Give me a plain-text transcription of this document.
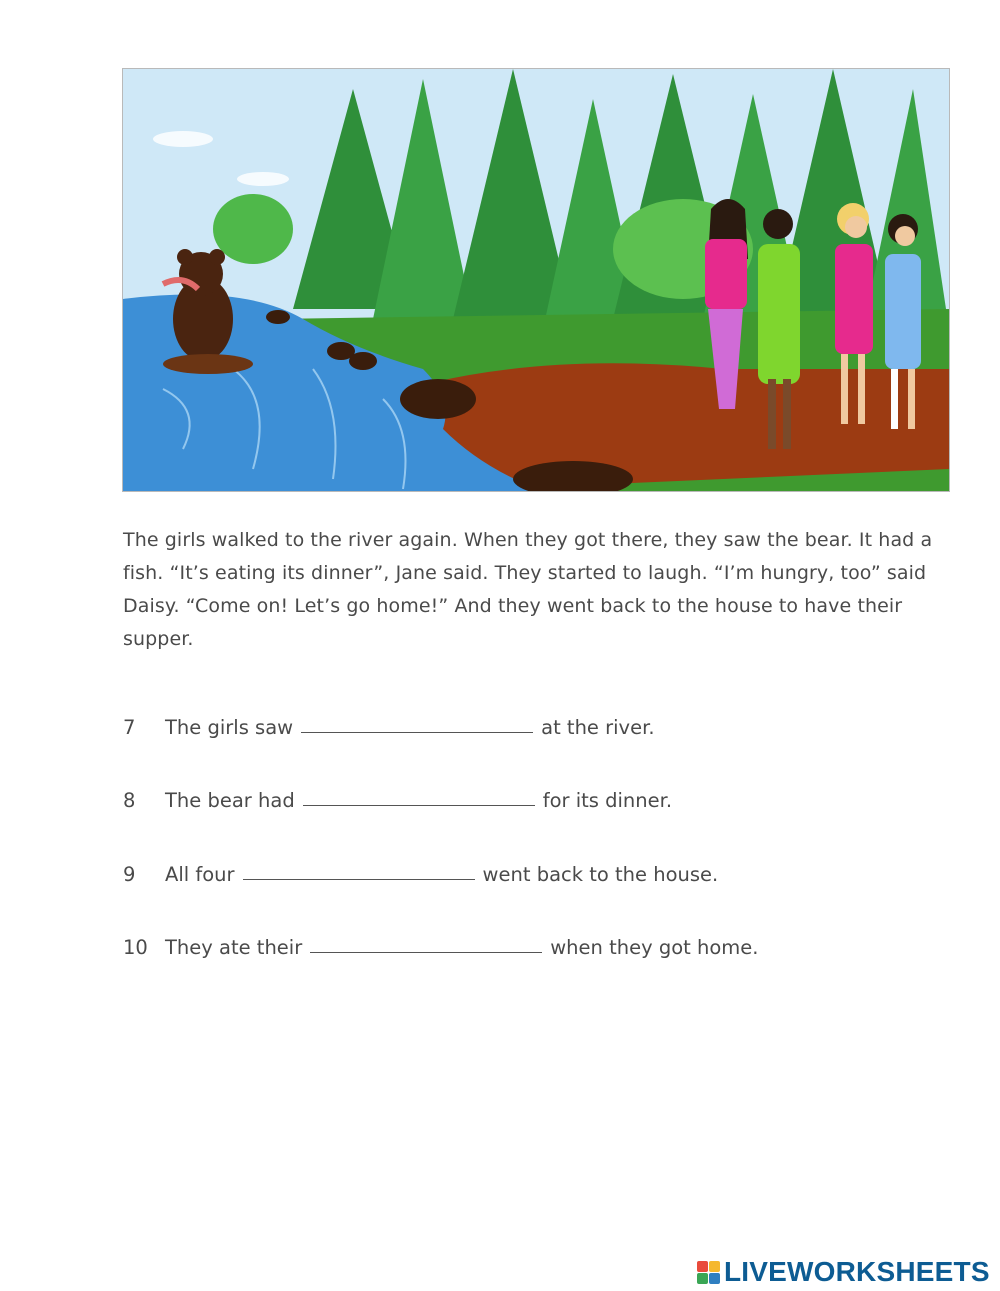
The girls walked to the river again. When they got there, they saw the bear. It had a fish. “It’s eating its dinner”, Jane said. They started to laugh. “I’m hungry, too” said Daisy. “Come on! Let’s go home!” And they went back to the house to have their supper.

7	The girls saw	at the river.
8	The bear had	for its dinner.
9	All four	went back to the house.
10 They ate their	when they got home.
LIVEWORKSHEETS
